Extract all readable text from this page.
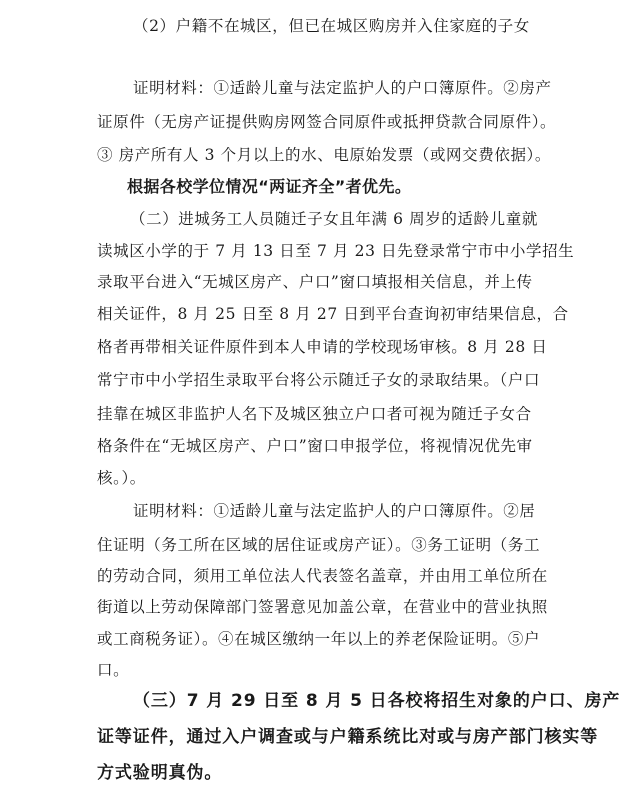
（2）户籍不在城区，但已在城区购房并入住家庭的子女
证明材料：①适龄儿童与法定监护人的户口簿原件。②房产
证原件（无房产证提供购房网签合同原件或抵押贷款合同原件）。
③ 房产所有人 3 个月以上的水、电原始发票（或网交费依据）。
根据各校学位情况“两证齐全”者优先。
（二）进城务工人员随迁子女且年满 6 周岁的适龄儿童就
读城区小学的于 7 月 13 日至 7 月 23 日先登录常宁市中小学招生
录取平台进入“无城区房产、户口”窗口填报相关信息，并上传
相关证件，8 月 25 日至 8 月 27 日到平台查询初审结果信息，合
格者再带相关证件原件到本人申请的学校现场审核。8 月 28 日
常宁市中小学招生录取平台将公示随迁子女的录取结果。（户口
挂靠在城区非监护人名下及城区独立户口者可视为随迁子女合
格条件在“无城区房产、户口”窗口申报学位，将视情况优先审
核。）。
证明材料：①适龄儿童与法定监护人的户口簿原件。②居
住证明（务工所在区域的居住证或房产证）。③务工证明（务工
的劳动合同，须用工单位法人代表签名盖章，并由用工单位所在
街道以上劳动保障部门签署意见加盖公章，在营业中的营业执照
或工商税务证）。④在城区缴纳一年以上的养老保险证明。⑤户
口。
（三）7 月 29 日至 8 月 5 日各校将招生对象的户口、房产
证等证件，通过入户调查或与户籍系统比对或与房产部门核实等
方式验明真伪。
